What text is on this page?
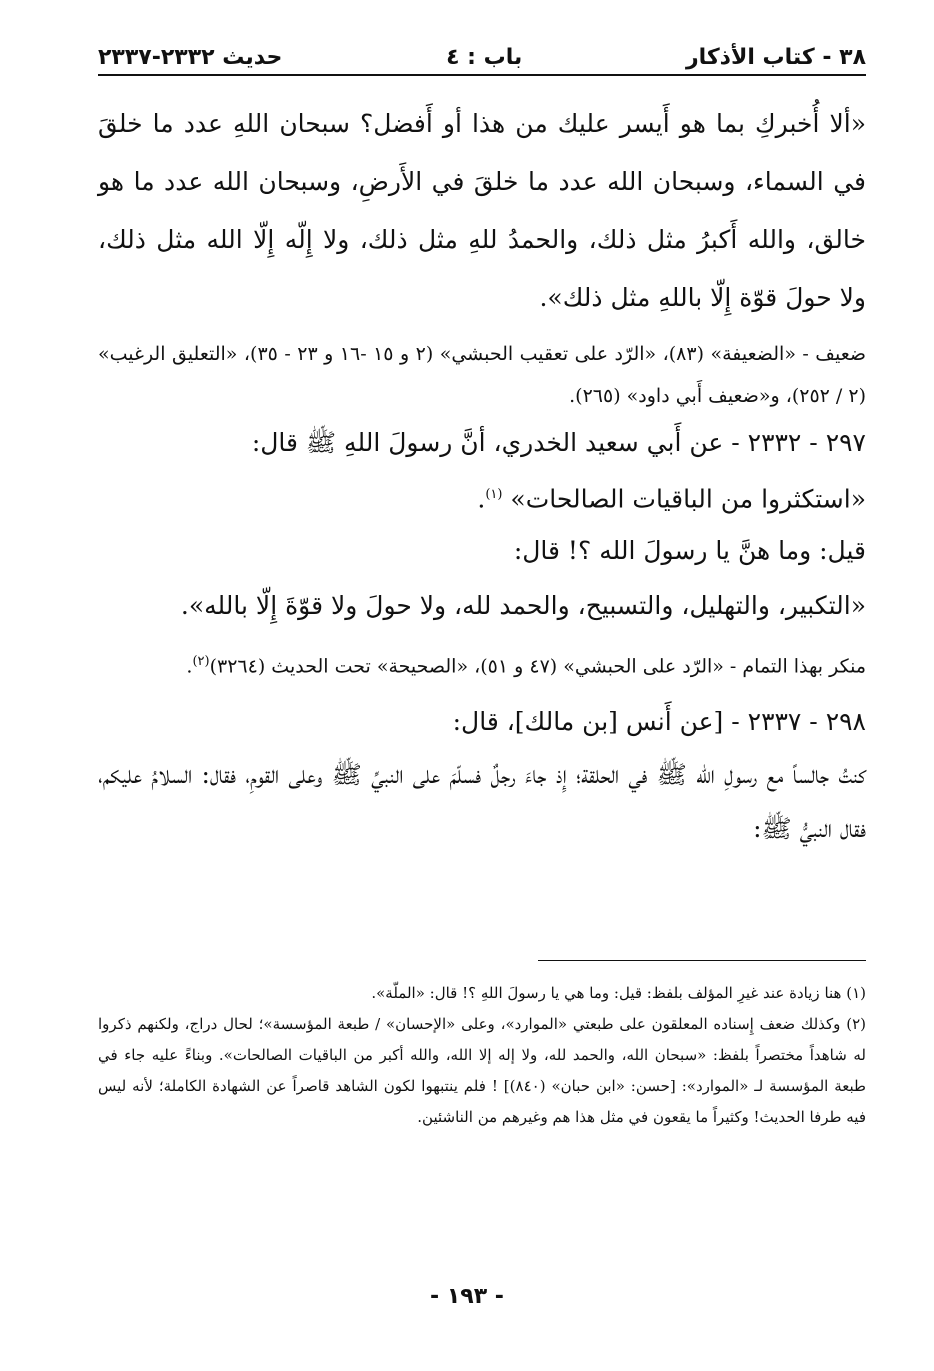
٣٨ - كتاب الأذكار
باب : ٤
حديث ٢٣٣٢-٢٣٣٧

«ألا أُخبركِ بما هو أَيسر عليك من هذا أو أَفضل؟ سبحان اللهِ عدد ما خلقَ في السماء، وسبحان الله عدد ما خلقَ في الأَرضِ، وسبحان الله عدد ما هو خالق، والله أَكبرُ مثل ذلك، والحمدُ للهِ مثل ذلك، ولا إِلّه إِلّا الله مثل ذلك، ولا حولَ قوّة إِلّا باللهِ مثل ذلك».

ضعيف - «الضعيفة» (٨٣)، «الرّد على تعقيب الحبشي» (٢ و ١٥ -١٦ و ٢٣ - ٣٥)، «التعليق الرغيب» (٢ / ٢٥٢)، و«ضعيف أَبي داود» (٢٦٥).

٢٩٧ - ٢٣٣٢ - عن أَبي سعيد الخدري، أنَّ رسولَ اللهِ ﷺ قال:

«استكثروا من الباقيات الصالحات» $^{(١)}$.

قيل: وما هنَّ يا رسولَ الله ؟! قال:

«التكبير، والتهليل، والتسبيح، والحمد لله، ولا حولَ ولا قوّةَ إِلّا بالله».

منكر بهذا التمام - «الرّد على الحبشي» (٤٧ و ٥١)، «الصحيحة» تحت الحديث (٣٢٦٤)$^{(٢)}$.

٢٩٨ - ٢٣٣٧ - [عن أَنس [بن مالك]، قال:

كنتُ جالساً مع رسولِ الله ﷺ في الحلقة؛ إِذ جاءَ رجلٌ فسلّمَ على النبيِّ ﷺ وعلى القومِ، فقال: السلامُ عليكم، فقال النبيُّ ﷺ:

(١) هنا زيادة عند غيرِ المؤلف بلفظ: قيل: وما هي يا رسولَ اللهِ ؟! قال: «الملّة».

(٢) وكذلك ضعف إِسناده المعلقون على طبعتي «الموارد»، وعلى «الإحسان» / طبعة المؤسسة»؛ لحال دراج، ولكنهم ذكروا له شاهداً مختصراً بلفظ: «سبحان الله، والحمد لله، ولا إله إلا الله، والله أكبر من الباقيات الصالحات». وبناءً عليه جاء في طبعة المؤسسة لـ «الموارد»: [حسن: «ابن حبان» (٨٤٠)] ! فلم ينتبهوا لكون الشاهد قاصراً عن الشهادة الكاملة؛ لأنه ليس فيه طرفا الحديث! وكثيراً ما يقعون في مثل هذا هم وغيرهم من الناشئين.

- ١٩٣ -
